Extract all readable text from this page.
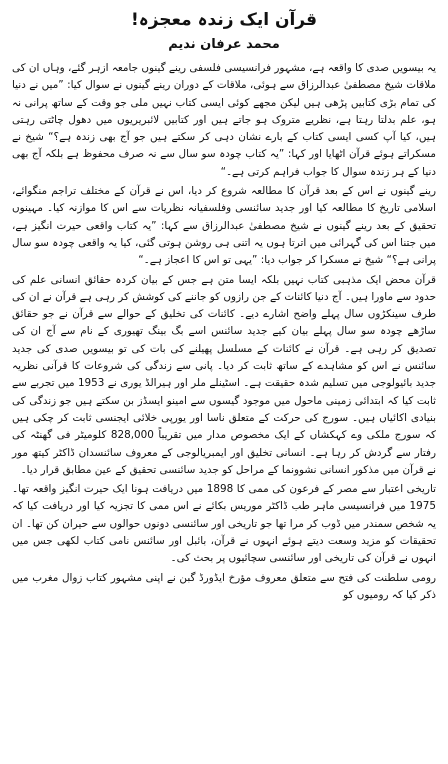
قرآن ایک زندہ معجزہ!
محمد عرفان ندیم

یہ بیسویں صدی کا واقعہ ہے، مشہور فرانسیسی فلسفی رینے گینوں جامعہ ازہر گئے، وہاں ان کی ملاقات شیخ مصطفیٰ عبدالرزاق سے ہوئی، ملاقات کے دوران رینے گینوں نے سوال کیا: ”میں نے دنیا کی تمام بڑی کتابیں پڑھی ہیں لیکن مجھے کوئی ایسی کتاب نہیں ملی جو وقت کے ساتھ پرانی نہ ہو، علم بدلتا رہتا ہے، نظریے متروک ہو جاتے ہیں اور کتابیں لائبریریوں میں دھول چاٹتی رہتی ہیں، کیا آپ کسی ایسی کتاب کے بارے نشان دہی کر سکتے ہیں جو آج بھی زندہ ہے؟“ شیخ نے مسکراتے ہوئے قرآن اٹھایا اور کہا: ”یہ کتاب چودہ سو سال سے نہ صرف محفوظ ہے بلکہ آج بھی دنیا کے ہر زندہ سوال کا جواب فراہم کرتی ہے۔“

رینے گینوں نے اس کے بعد قرآن کا مطالعہ شروع کر دیا، اس نے قرآن کے مختلف تراجم منگوائے، اسلامی تاریخ کا مطالعہ کیا اور جدید سائنسی وفلسفیانہ نظریات سے اس کا موازنہ کیا۔ مہینوں تحقیق کے بعد رینے گینوں نے شیخ مصطفیٰ عبدالرزاق سے کہا: ”یہ کتاب واقعی حیرت انگیز ہے، میں جتنا اس کی گہرائی میں اترتا ہوں یہ اتنی ہی روشن ہوتی گئی، کیا یہ واقعی چودہ سو سال پرانی ہے؟“ شیخ نے مسکرا کر جواب دیا: ”یہی تو اس کا اعجاز ہے۔“

قرآن محض ایک مذہبی کتاب نہیں بلکہ ایسا متن ہے جس کے بیان کردہ حقائق انسانی علم کی حدود سے ماورا ہیں۔ آج دنیا کائنات کے جن رازوں کو جاننے کی کوشش کر رہی ہے قرآن نے ان کی طرف سینکڑوں سال پہلے واضح اشارے دیے۔ کائنات کی تخلیق کے حوالے سے قرآن نے جو حقائق ساڑھے چودہ سو سال پہلے بیان کیے جدید سائنس اسے بگ بینگ تھیوری کے نام سے آج ان کی تصدیق کر رہی ہے۔ قرآن نے کائنات کے مسلسل پھیلنے کی بات کی تو بیسویں صدی کی جدید سائنس نے اس کو مشاہدے کے ساتھ ثابت کر دیا۔ پانی سے زندگی کی شروعات کا قرآنی نظریہ جدید بائیولوجی میں تسلیم شدہ حقیقت ہے۔ اسٹینلے ملر اور ہیرالڈ یوری نے 1953 میں تجربے سے ثابت کیا کہ ابتدائی زمینی ماحول میں موجود گیسوں سے امینو ایسڈز بن سکتے ہیں جو زندگی کی بنیادی اکائیاں ہیں۔ سورج کی حرکت کے متعلق ناسا اور یورپی خلائی ایجنسی ثابت کر چکی ہیں کہ سورج ملکی وے کہکشاں کے ایک مخصوص مدار میں تقریباً 828,000 کلومیٹر فی گھنٹہ کی رفتار سے گردش کر رہا ہے۔ انسانی تخلیق اور ایمبریالوجی کے معروف سائنسدان ڈاکٹر کیتھ مور نے قرآن میں مذکور انسانی نشوونما کے مراحل کو جدید سائنسی تحقیق کے عین مطابق قرار دیا۔

تاریخی اعتبار سے مصر کے فرعون کی ممی کا 1898 میں دریافت ہونا ایک حیرت انگیز واقعہ تھا۔ 1975 میں فرانسیسی ماہر طب ڈاکٹر موریس بکائے نے اس ممی کا تجزیہ کیا اور دریافت کیا کہ یہ شخص سمندر میں ڈوب کر مرا تھا جو تاریخی اور سائنسی دونوں حوالوں سے حیران کن تھا۔ ان تحقیقات کو مزید وسعت دیتے ہوئے انہوں نے قرآن، بائبل اور سائنس نامی کتاب لکھی جس میں انہوں نے قرآن کی تاریخی اور سائنسی سچائیوں پر بحث کی۔

رومی سلطنت کی فتح سے متعلق معروف مؤرخ ایڈورڈ گبن نے اپنی مشہور کتاب زوال مغرب میں ذکر کیا کہ رومیوں کو
